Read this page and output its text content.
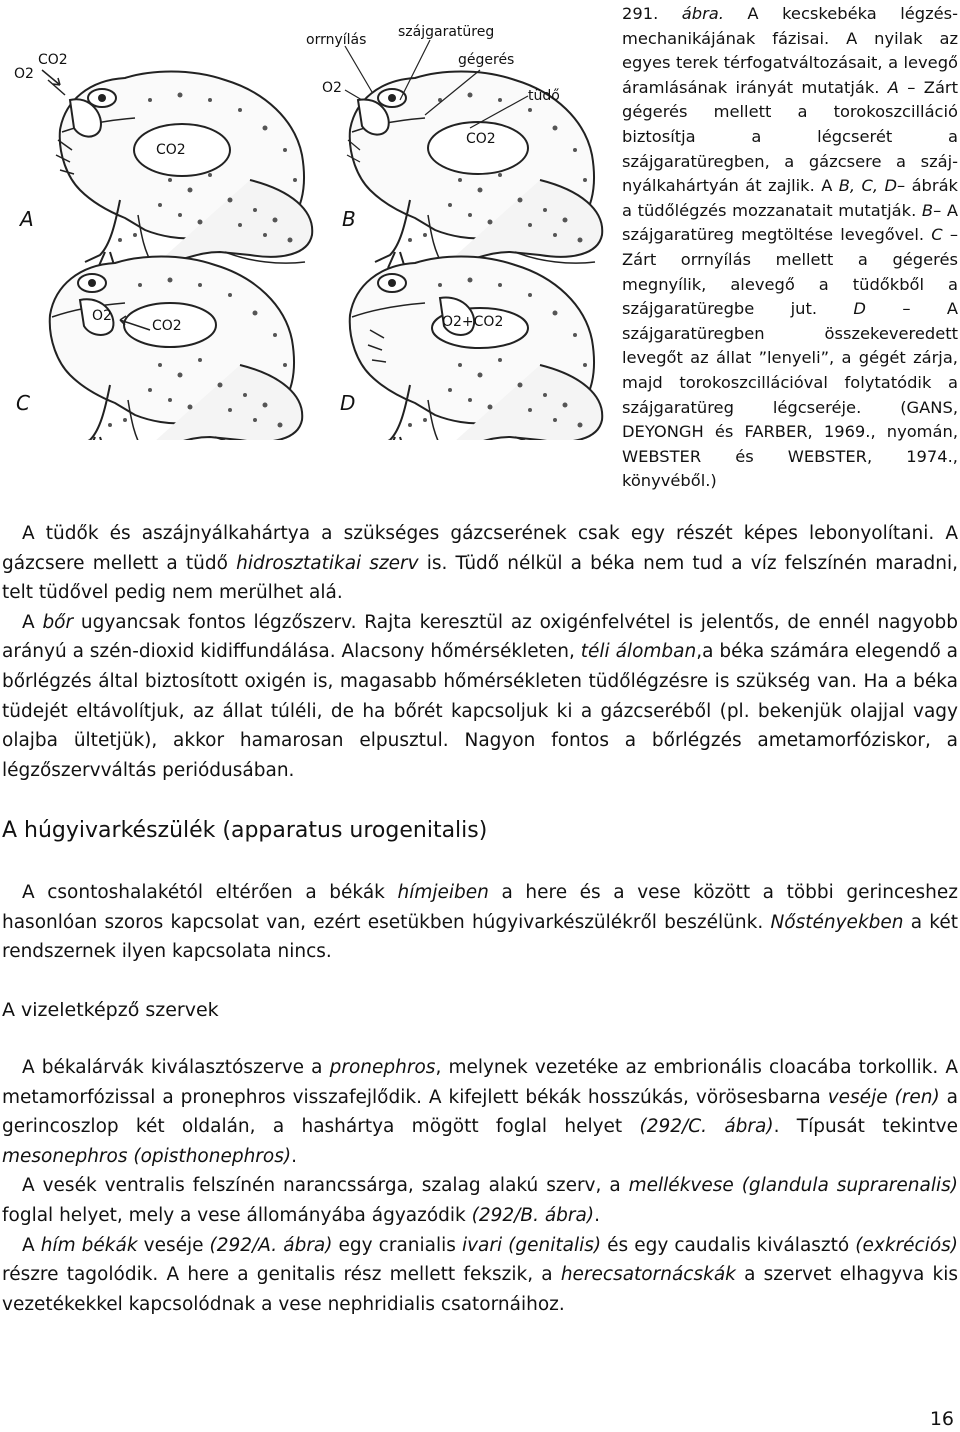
O2
CO2
CO2
A
orrnyílás szájgaratüreg
gégerés
tüdő
O2
CO2
B
O2
CO2
C
O2+CO2
D

291. ábra. A kecskebéka légzésmechanikájának fázisai. A nyilak az egyes terek térfogatváltozásait, a levegő áramlásának irányát mutatják. A – Zárt gégerés mellett a torokoszcilláció biztosítja a légcserét a szájgaratüregben, a gázcsere a szájnyálkahártyán át zajlik. A B, C, D– ábrák a tüdőlégzés mozzanatait mutatják. B– A szájgaratüreg megtöltése levegővel. C – Zárt orrnyílás mellett a gégerés megnyílik, alevegő a tüdőkből a szájgaratüregbe jut. D – A szájgaratüregben összekeveredett levegőt az állat ”lenyeli”, a gégét zárja, majd torokoszcillációval folytatódik a szájgaratüreg légcseréje. (GANS, DEYONGH és FARBER, 1969., nyomán, WEBSTER és WEBSTER, 1974., könyvéből.)

A tüdők és aszájnyálkahártya a szükséges gázcserének csak egy részét képes lebonyolítani. A gázcsere mellett a tüdő hidrosztatikai szerv is. Tüdő nélkül a béka nem tud a víz felszínén maradni, telt tüdővel pedig nem merülhet alá.
A bőr ugyancsak fontos légzőszerv. Rajta keresztül az oxigénfelvétel is jelentős, de ennél nagyobb arányú a szén-dioxid kidiffundálása. Alacsony hőmérsékleten, téli álomban,a béka számára elegendő a bőrlégzés által biztosított oxigén is, magasabb hőmérsékleten tüdőlégzésre is szükség van. Ha a béka tüdejét eltávolítjuk, az állat túléli, de ha bőrét kapcsoljuk ki a gázcseréből (pl. bekenjük olajjal vagy olajba ültetjük), akkor hamarosan elpusztul. Nagyon fontos a bőrlégzés ametamorfóziskor, a légzőszervváltás periódusában.

A húgyivarkészülék (apparatus urogenitalis)

A csontoshalakétól eltérően a békák hímjeiben a here és a vese között a többi gerinceshez hasonlóan szoros kapcsolat van, ezért esetükben húgyivarkészülékről beszélünk. Nőstényekben a két rendszernek ilyen kapcsolata nincs.

A vizeletképző szervek

A békalárvák kiválasztószerve a pronephros, melynek vezetéke az embrionális cloacába torkollik. A metamorfózissal a pronephros visszafejlődik. A kifejlett békák hosszúkás, vörösesbarna veséje (ren) a gerincoszlop két oldalán, a hashártya mögött foglal helyet (292/C. ábra). Típusát tekintve mesonephros (opisthonephros).
A vesék ventralis felszínén narancssárga, szalag alakú szerv, a mellékvese (glandula suprarenalis) foglal helyet, mely a vese állományába ágyazódik (292/B. ábra).
A hím békák veséje (292/A. ábra) egy cranialis ivari (genitalis) és egy caudalis kiválasztó (exkréciós) részre tagolódik. A here a genitalis rész mellett fekszik, a herecsatornácskák a szervet elhagyva kis vezetékekkel kapcsolódnak a vese nephridialis csatornáihoz.

16
